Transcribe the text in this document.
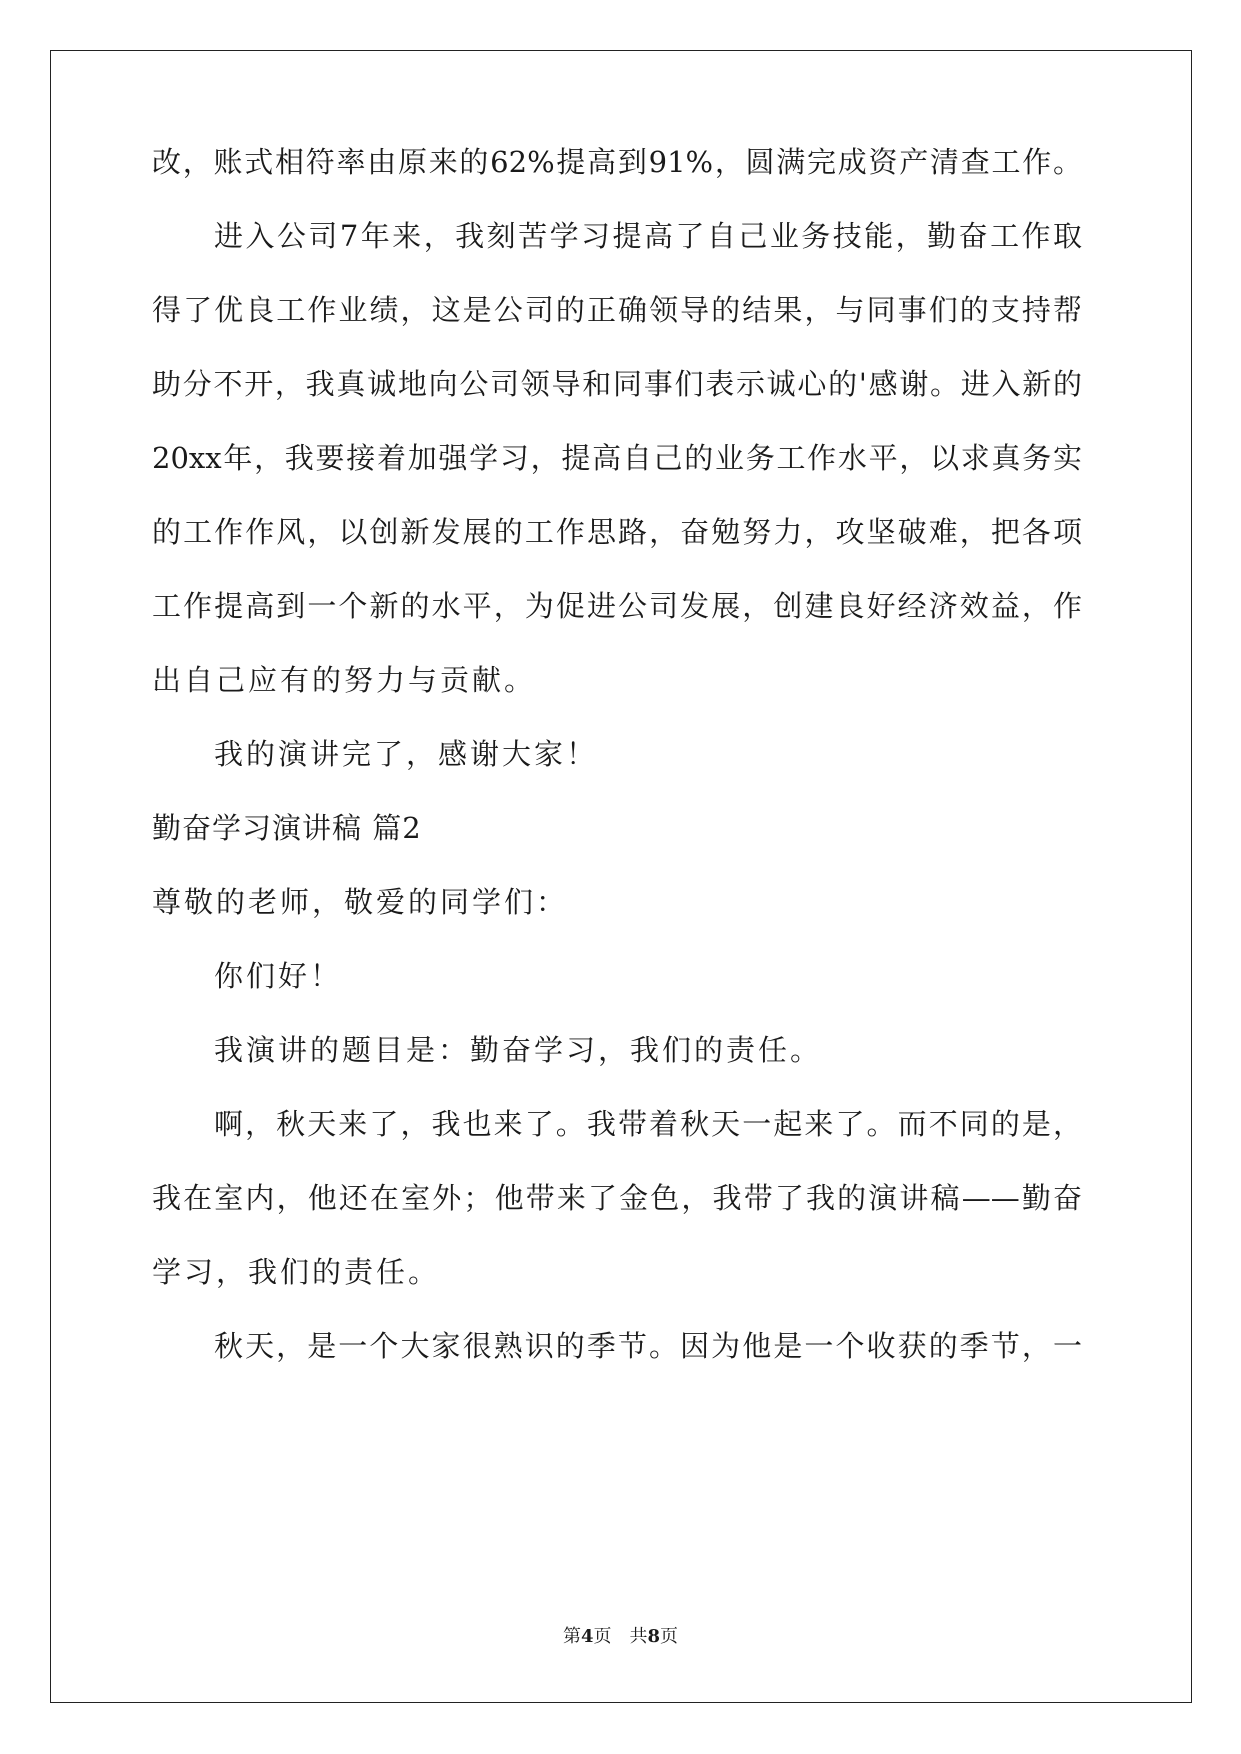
改，账式相符率由原来的62%提高到91%，圆满完成资产清查工作。
进入公司7年来，我刻苦学习提高了自己业务技能，勤奋工作取
得了优良工作业绩，这是公司的正确领导的结果，与同事们的支持帮
助分不开，我真诚地向公司领导和同事们表示诚心的'感谢。进入新的
20xx年，我要接着加强学习，提高自己的业务工作水平，以求真务实
的工作作风，以创新发展的工作思路，奋勉努力，攻坚破难，把各项
工作提高到一个新的水平，为促进公司发展，创建良好经济效益，作
出自己应有的努力与贡献。
我的演讲完了，感谢大家！
勤奋学习演讲稿 篇2
尊敬的老师，敬爱的同学们：
你们好！
我演讲的题目是：勤奋学习，我们的责任。
啊，秋天来了，我也来了。我带着秋天一起来了。而不同的是，
我在室内，他还在室外；他带来了金色，我带了我的演讲稿——勤奋
学习，我们的责任。
秋天，是一个大家很熟识的季节。因为他是一个收获的季节，一
第4页　共8页
